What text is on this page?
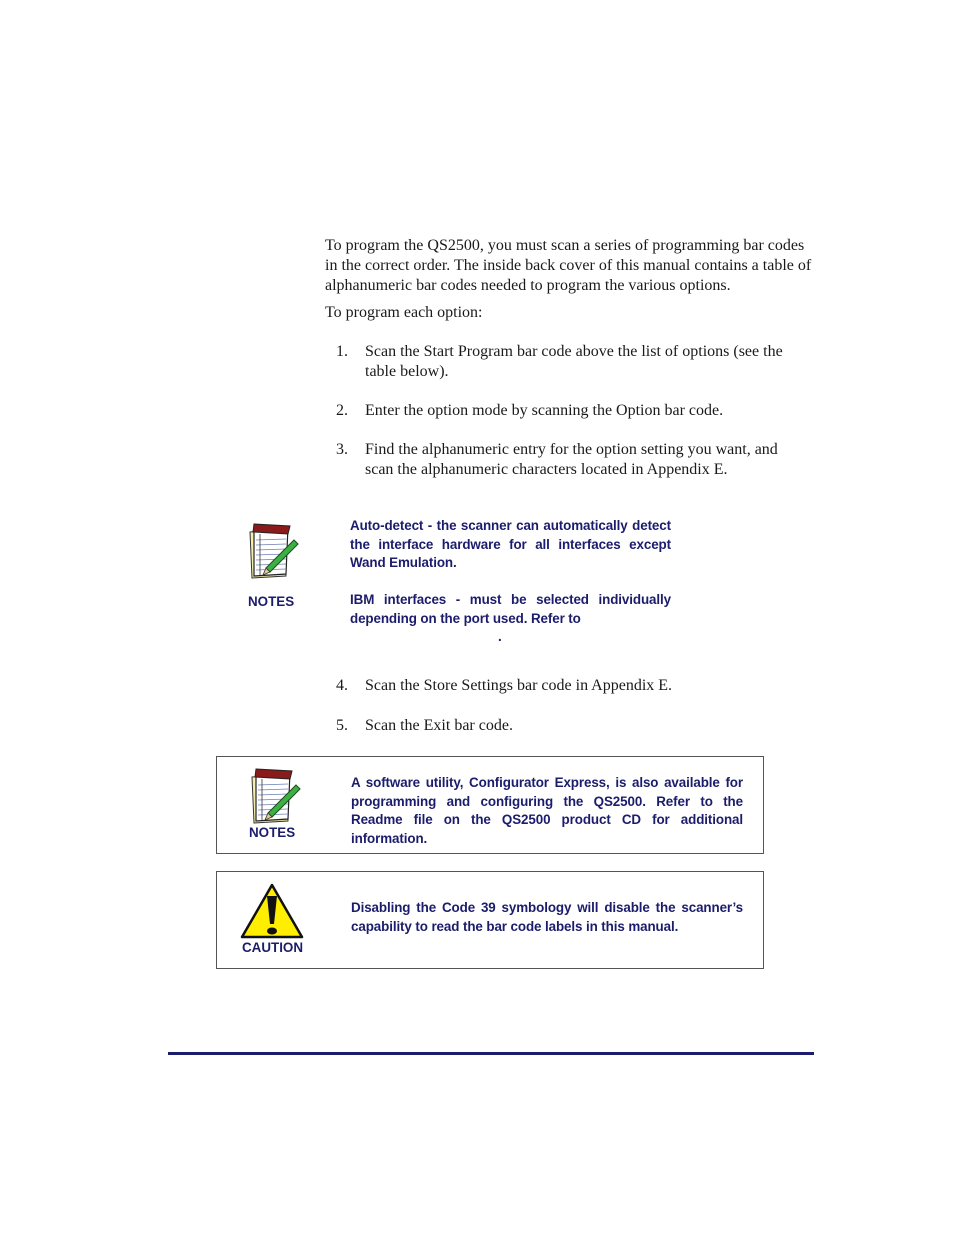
To program the QS2500, you must scan a series of programming bar codes in the correct order. The inside back cover of this manual contains a table of alphanumeric bar codes needed to program the various options.

To program each option:

1.	Scan the Start Program bar code above the list of options (see the table below).
2.	Enter the option mode by scanning the Option bar code.
3.	Find the alphanumeric entry for the option setting you want, and scan the alphanumeric characters located in Appendix E.
NOTES
Auto-detect - the scanner can automatically detect the interface hardware for all interfaces except Wand Emulation.
IBM interfaces - must be selected individually depending on the port used. Refer to
.
4.	Scan the Store Settings bar code in Appendix E.
5.	Scan the Exit bar code.
NOTES
A software utility, Configurator Express, is also available for programming and configuring the QS2500. Refer to the Readme file on the QS2500 product CD for additional information.
CAUTION
Disabling the Code 39 symbology will disable the scanner’s capability to read the bar code labels in this manual.
